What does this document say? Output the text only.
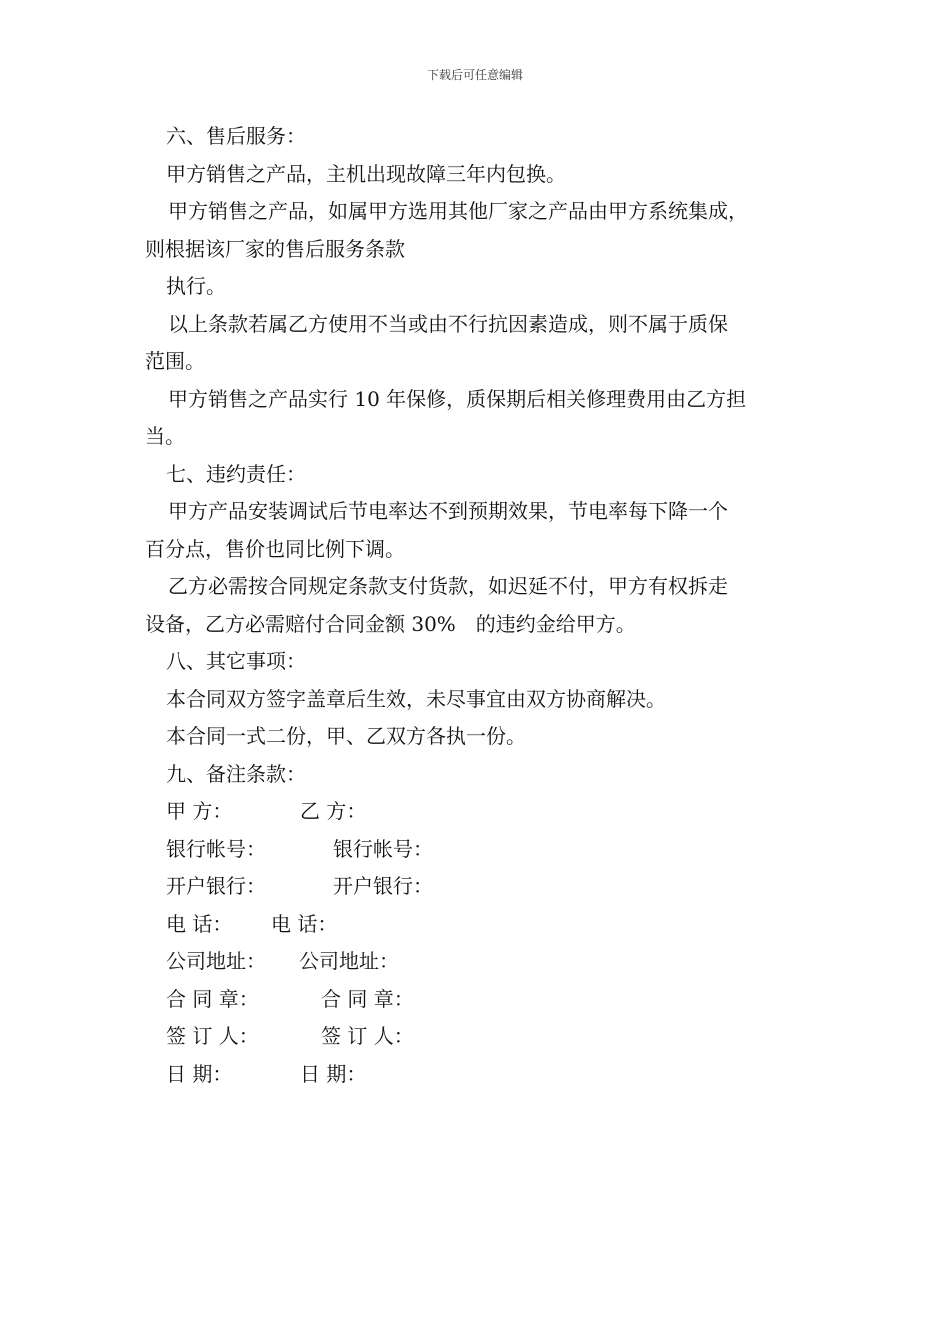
下载后可任意编辑
六、售后服务：
甲方销售之产品，主机出现故障三年内包换。
甲方销售之产品，如属甲方选用其他厂家之产品由甲方系统集成，
则根据该厂家的售后服务条款
执行。
以上条款若属乙方使用不当或由不行抗因素造成，则不属于质保
范围。
甲方销售之产品实行 10 年保修，质保期后相关修理费用由乙方担
当。
七、违约责任：
甲方产品安装调试后节电率达不到预期效果，节电率每下降一个
百分点，售价也同比例下调。
乙方必需按合同规定条款支付货款，如迟延不付，甲方有权拆走
设备，乙方必需赔付合同金额 30%　的违约金给甲方。
八、其它事项：
本合同双方签字盖章后生效，未尽事宜由双方协商解决。
本合同一式二份，甲、乙双方各执一份。
九、备注条款：
甲 方：	乙 方：
银行帐号：	银行帐号：
开户银行：	开户银行：
电 话： 电 话：
公司地址： 公司地址：
合 同 章：	合 同 章：
签 订 人：	签 订 人：
日 期：	日 期：
